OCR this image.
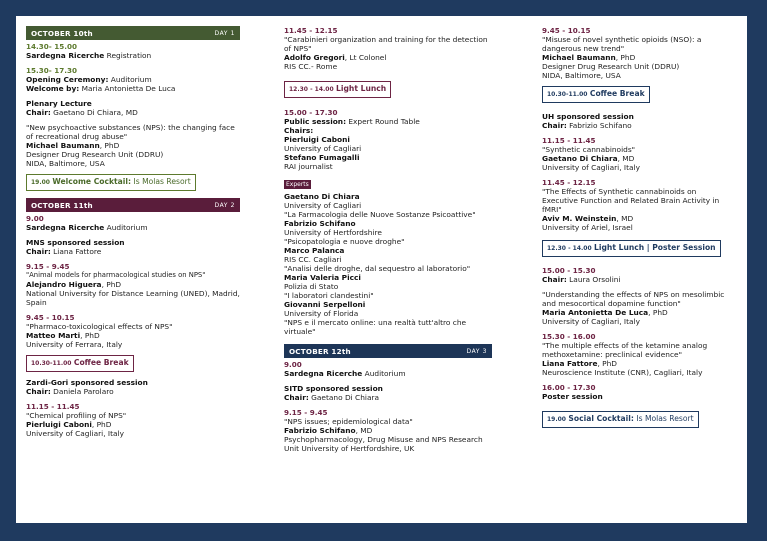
OCTOBER 10th	DAY 1
14.30- 15.00
Sardegna Ricerche Registration
15.30- 17.30
Opening Ceremony: Auditorium
Welcome by: Maria Antonietta De Luca
Plenary Lecture
Chair: Gaetano Di Chiara, MD
"New psychoactive substances (NPS): the changing face of recreational drug abuse"
Michael Baumann, PhD
Designer Drug Research Unit (DDRU)
NIDA, Baltimore, USA
19.00 Welcome Cocktail: Is Molas Resort
OCTOBER 11th	DAY 2
9.00
Sardegna Ricerche Auditorium
MNS sponsored session
Chair: Liana Fattore
9.15 - 9.45
"Animal models for pharmacological studies on NPS"
Alejandro Higuera, PhD
National University for Distance Learning (UNED), Madrid, Spain
9.45 - 10.15
"Pharmaco-toxicological effects of NPS"
Matteo Marti, PhD
University of Ferrara, Italy
10.30-11.00 Coffee Break
Zardi-Gori sponsored session
Chair: Daniela Parolaro
11.15 - 11.45
"Chemical profiling of NPS"
Pierluigi Caboni, PhD
University of Cagliari, Italy
11.45 - 12.15
"Carabinieri organization and training for the detection of NPS"
Adolfo Gregori, Lt Colonel
RIS CC.- Rome
12.30 - 14.00 Light Lunch
15.00 - 17.30
Public session: Expert Round Table
Chairs:
Pierluigi Caboni
University of Cagliari
Stefano Fumagalli
RAI journalist
Experts
Gaetano Di Chiara
University of Cagliari
"La Farmacologia delle Nuove Sostanze Psicoattive"
Fabrizio Schifano
University of Hertfordshire
"Psicopatologia e nuove droghe"
Marco Palanca
RIS CC. Cagliari
"Analisi delle droghe, dal sequestro al laboratorio"
Maria Valeria Picci
Polizia di Stato
"I laboratori clandestini"
Giovanni Serpelloni
University of Florida
"NPS e il mercato online: una realtà tutt'altro che virtuale"
OCTOBER 12th	DAY 3
9.00
Sardegna Ricerche Auditorium
SITD sponsored session
Chair: Gaetano Di Chiara
9.15 - 9.45
"NPS issues; epidemiological data"
Fabrizio Schifano, MD
Psychopharmacology, Drug Misuse and NPS Research Unit University of Hertfordshire, UK
9.45 - 10.15
"Misuse of novel synthetic opioids (NSO): a dangerous new trend"
Michael Baumann, PhD
Designer Drug Research Unit (DDRU)
NIDA, Baltimore, USA
10.30-11.00 Coffee Break
UH sponsored session
Chair: Fabrizio Schifano
11.15 - 11.45
"Synthetic cannabinoids"
Gaetano Di Chiara, MD
University of Cagliari, Italy
11.45 - 12.15
"The Effects of Synthetic cannabinoids on Executive Function and Related Brain Activity in fMRI"
Aviv M. Weinstein, MD
University of Ariel, Israel
12.30 - 14.00 Light Lunch | Poster Session
15.00 - 15.30
Chair: Laura Orsolini
"Understanding the effects of NPS on mesolimbic and mesocortical dopamine function"
Maria Antonietta De Luca, PhD
University of Cagliari, Italy
15.30 - 16.00
"The multiple effects of the ketamine analog methoxetamine: preclinical evidence"
Liana Fattore, PhD
Neuroscience Institute (CNR), Cagliari, Italy
16.00 - 17.30
Poster session
19.00 Social Cocktail: Is Molas Resort
